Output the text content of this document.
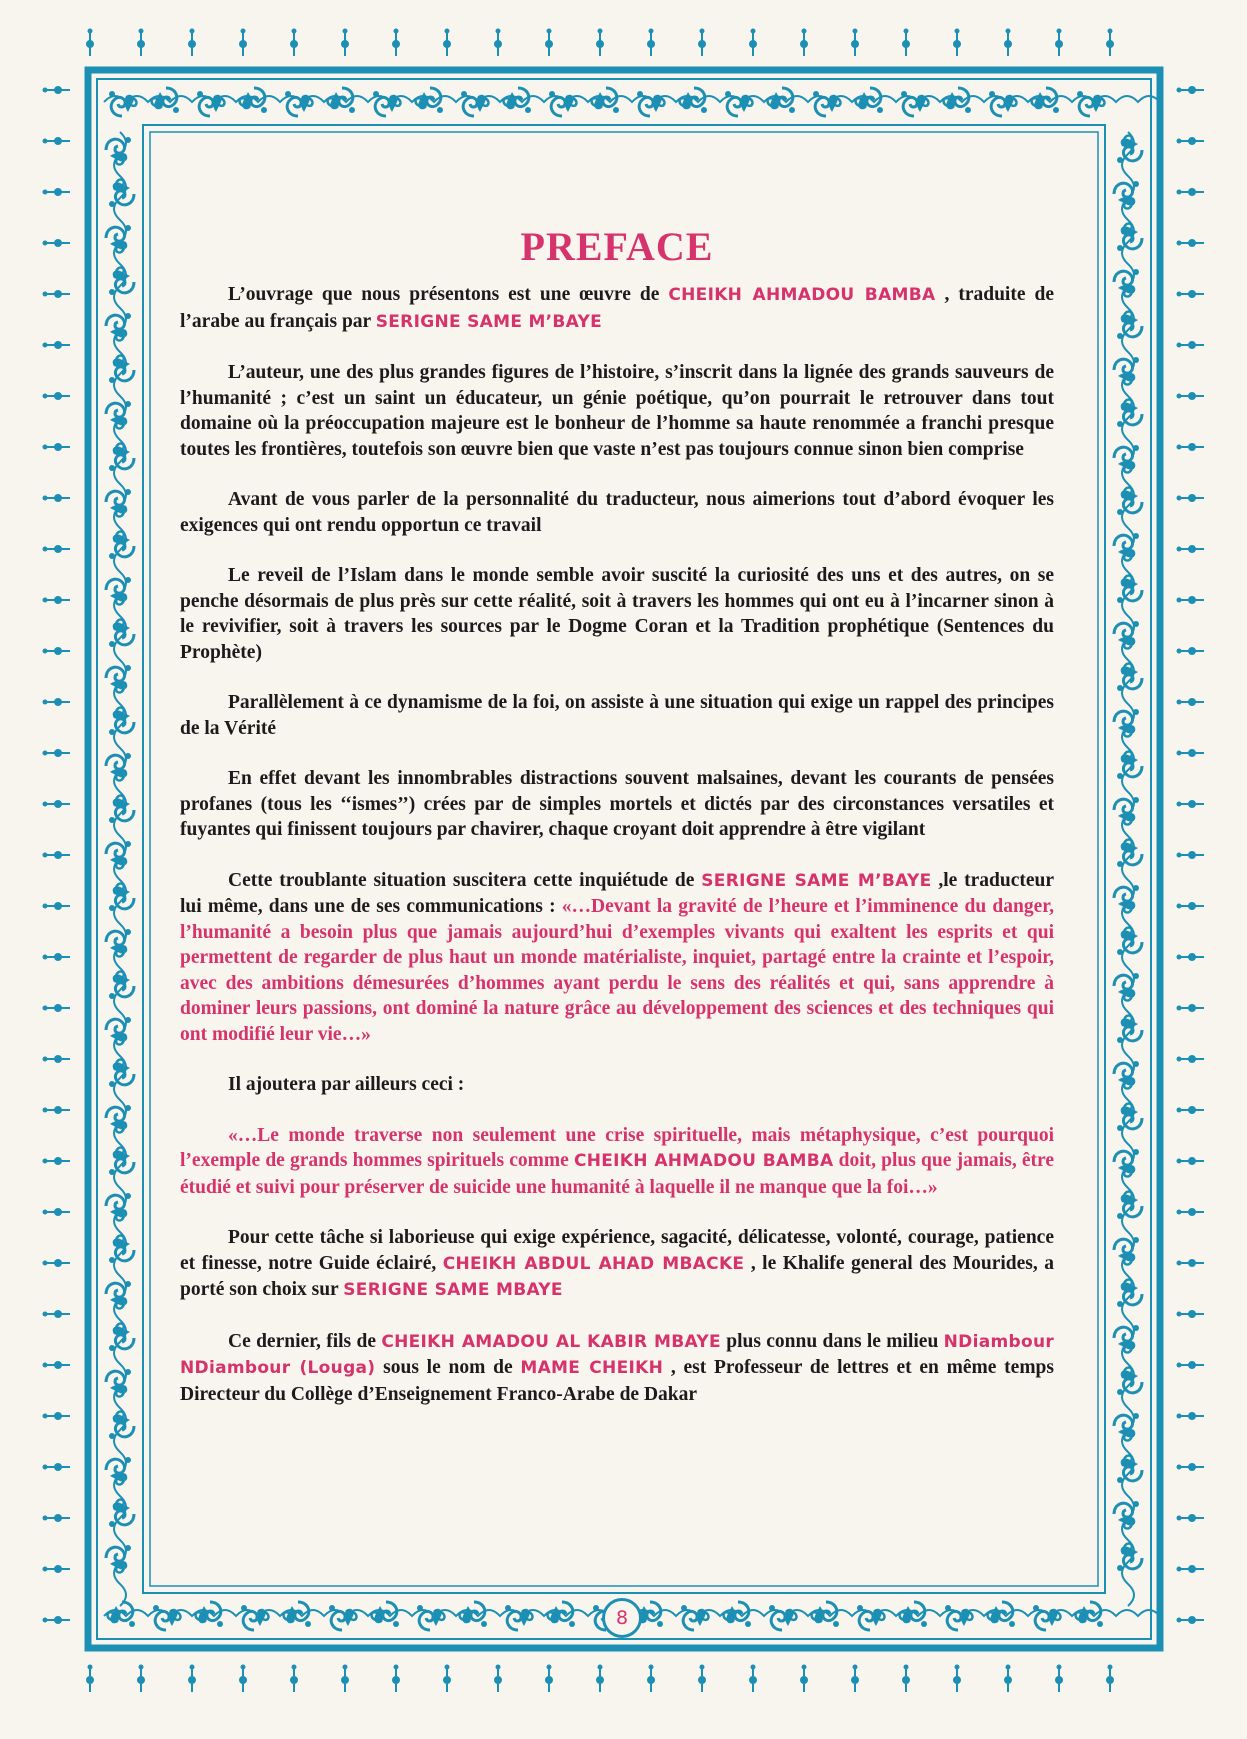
PREFACE

L’ouvrage que nous présentons est une œuvre de CHEIKH AHMADOU BAMBA , traduite de l’arabe au français par SERIGNE SAME M’BAYE

L’auteur, une des plus grandes figures de l’histoire, s’inscrit dans la lignée des grands sauveurs de l’humanité ; c’est un saint un éducateur, un génie poétique, qu’on pourrait le retrouver dans tout domaine où la préoccupation majeure est le bonheur de l’homme sa haute renommée a franchi presque toutes les frontières, toutefois son œuvre bien que vaste n’est pas toujours connue sinon bien comprise

Avant de vous parler de la personnalité du traducteur, nous aimerions tout d’abord évoquer les exigences qui ont rendu opportun ce travail

Le reveil de l’Islam dans le monde semble avoir suscité la curiosité des uns et des autres, on se penche désormais de plus près sur cette réalité, soit à travers les hommes qui ont eu à l’incarner sinon à le revivifier, soit à travers les sources par le Dogme Coran et la Tradition prophétique (Sentences du Prophète)

Parallèlement à ce dynamisme de la foi, on assiste à une situation qui exige un rappel des principes de la Vérité

En effet devant les innombrables distractions souvent malsaines, devant les courants de pensées profanes (tous les ‘‘ismes’’) crées par de simples mortels et dictés par des circonstances versatiles et fuyantes qui finissent toujours par chavirer, chaque croyant doit apprendre à être vigilant

Cette troublante situation suscitera cette inquiétude de SERIGNE SAME M’BAYE ,le traducteur lui même, dans une de ses communications : «…Devant la gravité de l’heure et l’imminence du danger, l’humanité a besoin plus que jamais aujourd’hui d’exemples vivants qui exaltent les esprits et qui permettent de regarder de plus haut un monde matérialiste, inquiet, partagé entre la crainte et l’espoir, avec des ambitions démesurées d’hommes ayant perdu le sens des réalités et qui, sans apprendre à dominer leurs passions, ont dominé la nature grâce au développement des sciences et des techniques qui ont modifié leur vie…»

Il ajoutera par ailleurs ceci :

«…Le monde traverse non seulement une crise spirituelle, mais métaphysique, c’est pourquoi l’exemple de grands hommes spirituels comme CHEIKH AHMADOU BAMBA doit, plus que jamais, être étudié et suivi pour préserver de suicide une humanité à laquelle il ne manque que la foi…»

Pour cette tâche si laborieuse qui exige expérience, sagacité, délicatesse, volonté, courage, patience et finesse, notre Guide éclairé, CHEIKH ABDUL AHAD MBACKE , le Khalife general des Mourides, a porté son choix sur SERIGNE SAME MBAYE

Ce dernier, fils de CHEIKH AMADOU AL KABIR MBAYE plus connu dans le milieu NDiambour NDiambour (Louga) sous le nom de MAME CHEIKH , est Professeur de lettres et en même temps Directeur du Collège d’Enseignement Franco-Arabe de Dakar

8
